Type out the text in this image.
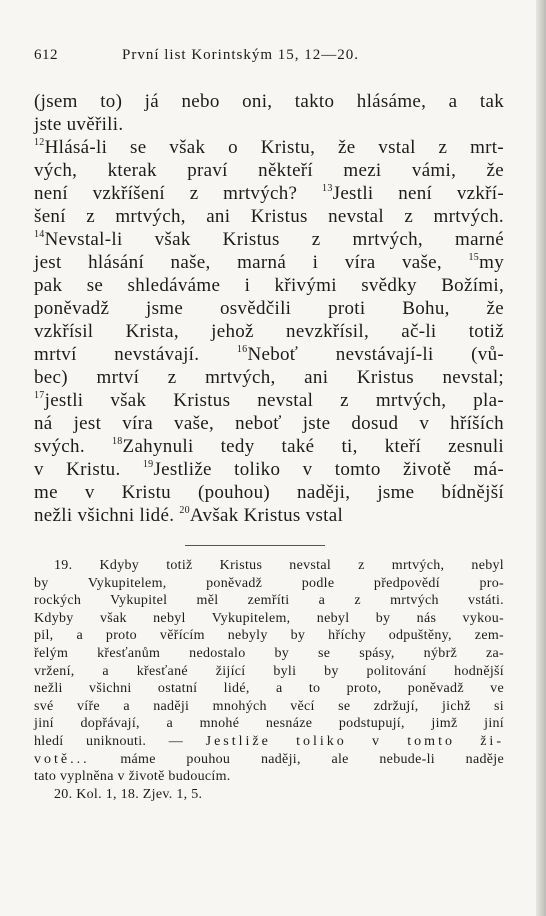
612	První list Korintským 15, 12—20.
(jsem to) já nebo oni, takto hlásáme, a tak
jste uvěřili.
$^{12}$Hlásá-li se však o Kristu, že vstal z mrt-
vých, kterak praví někteří mezi vámi, že
není vzkříšení z mrtvých? $^{13}$Jestli není vzkří-
šení z mrtvých, ani Kristus nevstal z mrtvých.
$^{14}$Nevstal-li však Kristus z mrtvých, marné
jest hlásání naše, marná i víra vaše, $^{15}$my
pak se shledáváme i křivými svědky Božími,
poněvadž jsme osvědčili proti Bohu, že
vzkřísil Krista, jehož nevzkřísil, ač-li totiž
mrtví nevstávají. $^{16}$Neboť nevstávají-li (vů-
bec) mrtví z mrtvých, ani Kristus nevstal;
$^{17}$jestli však Kristus nevstal z mrtvých, pla-
ná jest víra vaše, neboť jste dosud v hříších
svých. $^{18}$Zahynuli tedy také ti, kteří zesnuli
v Kristu. $^{19}$Jestliže toliko v tomto životě má-
me v Kristu (pouhou) naději, jsme bídnější
nežli všichni lidé. $^{20}$Avšak Kristus vstal
19. Kdyby totiž Kristus nevstal z mrtvých, nebyl
by Vykupitelem, poněvadž podle předpovědí pro-
rockých Vykupitel měl zemříti a z mrtvých vstáti.
Kdyby však nebyl Vykupitelem, nebyl by nás vykou-
pil, a proto věřícím nebyly by hříchy odpuštěny, zem-
řelým křesťanům nedostalo by se spásy, nýbrž za-
vržení, a křesťané žijící byli by politování hodnější
nežli všichni ostatní lidé, a to proto, poněvadž ve
své víře a naději mnohých věcí se zdržují, jichž si
jiní dopřávají, a mnohé nesnáze podstupují, jimž jiní
hledí uniknouti. — Jestliže toliko v tomto ži-
votě... máme pouhou naději, ale nebude-li naděje
tato vyplněna v životě budoucím.
20. Kol. 1, 18. Zjev. 1, 5.
